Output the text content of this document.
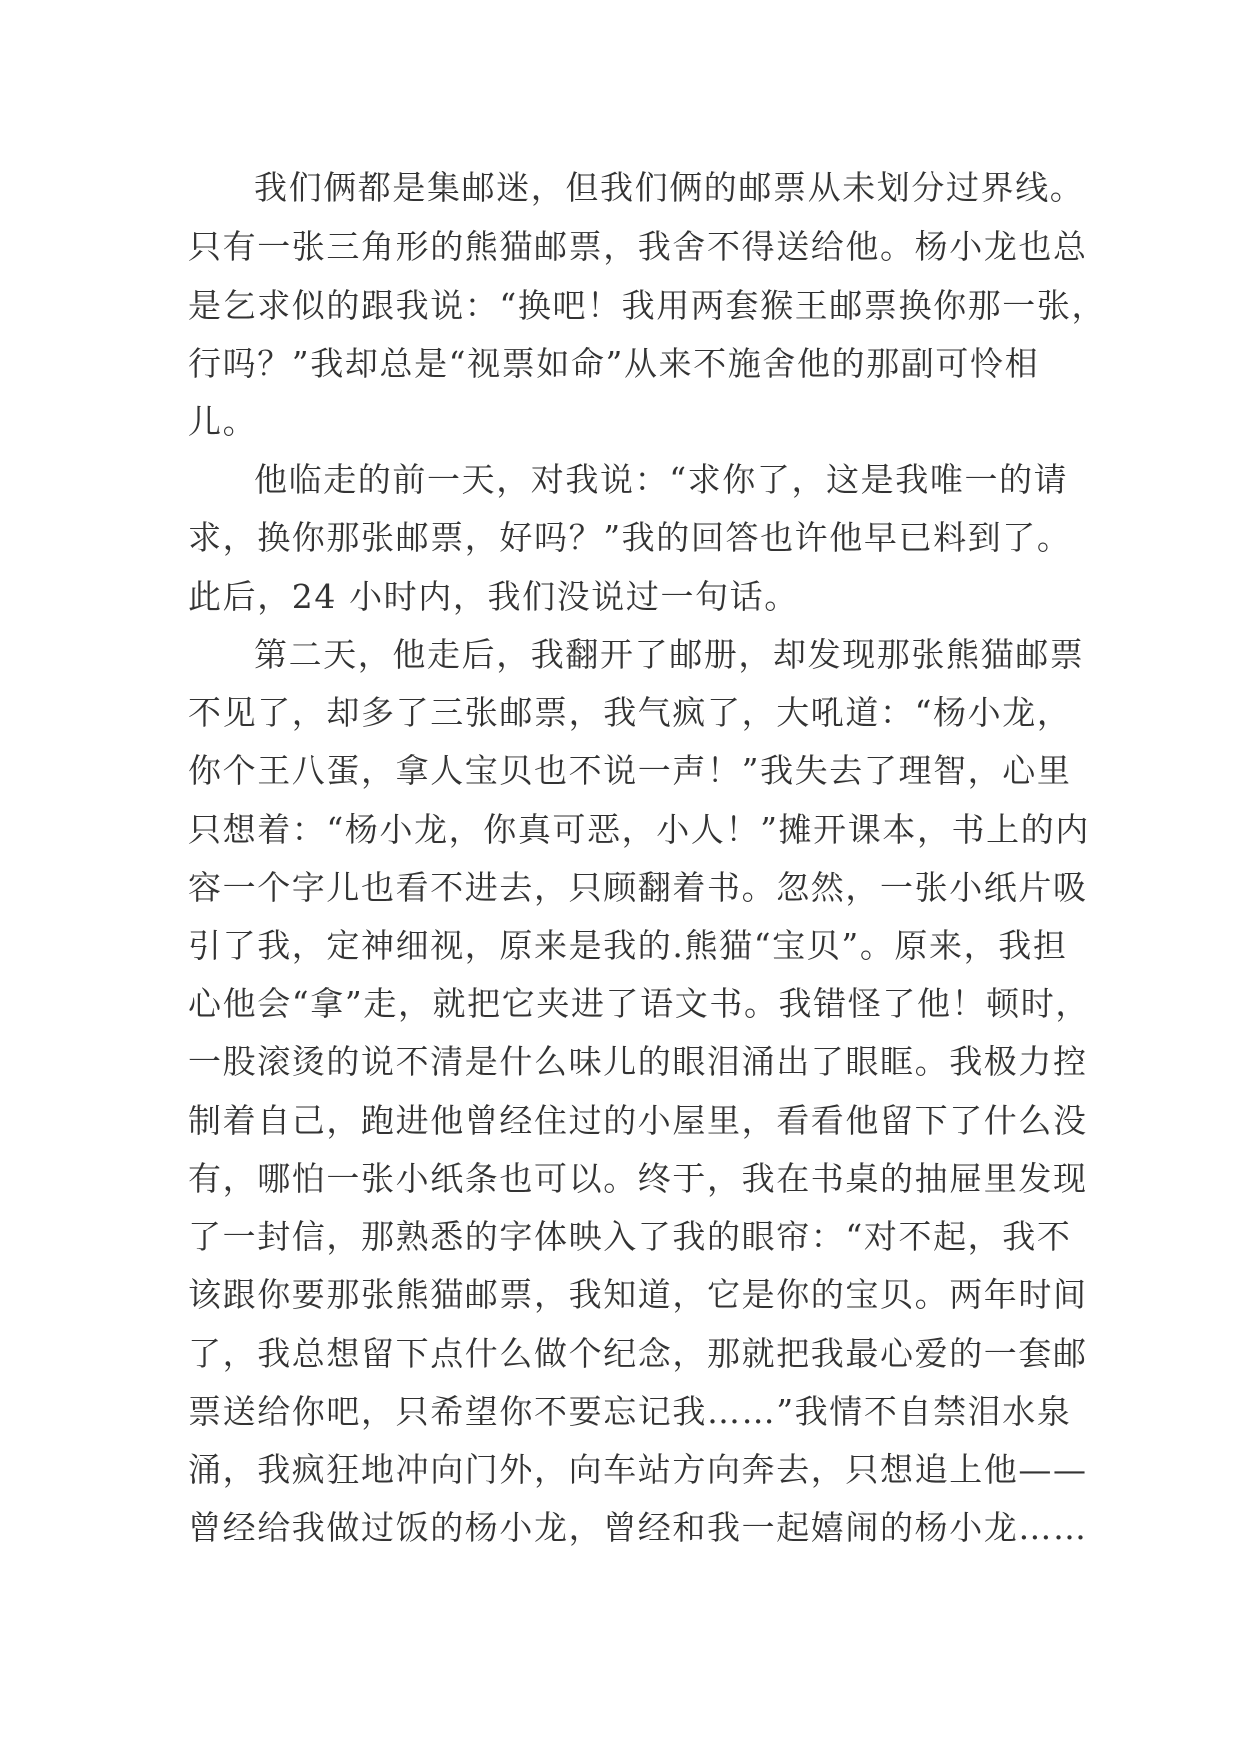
我们俩都是集邮迷，但我们俩的邮票从未划分过界线。
只有一张三角形的熊猫邮票，我舍不得送给他。杨小龙也总
是乞求似的跟我说：“换吧！我用两套猴王邮票换你那一张，
行吗？”我却总是“视票如命”从来不施舍他的那副可怜相
儿。
他临走的前一天，对我说：“求你了，这是我唯一的请
求，换你那张邮票，好吗？”我的回答也许他早已料到了。
此后，24 小时内，我们没说过一句话。
第二天，他走后，我翻开了邮册，却发现那张熊猫邮票
不见了，却多了三张邮票，我气疯了，大吼道：“杨小龙，
你个王八蛋，拿人宝贝也不说一声！”我失去了理智，心里
只想着：“杨小龙，你真可恶，小人！”摊开课本，书上的内
容一个字儿也看不进去，只顾翻着书。忽然，一张小纸片吸
引了我，定神细视，原来是我的.熊猫“宝贝”。原来，我担
心他会“拿”走，就把它夹进了语文书。我错怪了他！顿时，
一股滚烫的说不清是什么味儿的眼泪涌出了眼眶。我极力控
制着自己，跑进他曾经住过的小屋里，看看他留下了什么没
有，哪怕一张小纸条也可以。终于，我在书桌的抽屉里发现
了一封信，那熟悉的字体映入了我的眼帘：“对不起，我不
该跟你要那张熊猫邮票，我知道，它是你的宝贝。两年时间
了，我总想留下点什么做个纪念，那就把我最心爱的一套邮
票送给你吧，只希望你不要忘记我……”我情不自禁泪水泉
涌，我疯狂地冲向门外，向车站方向奔去，只想追上他——
曾经给我做过饭的杨小龙，曾经和我一起嬉闹的杨小龙……
